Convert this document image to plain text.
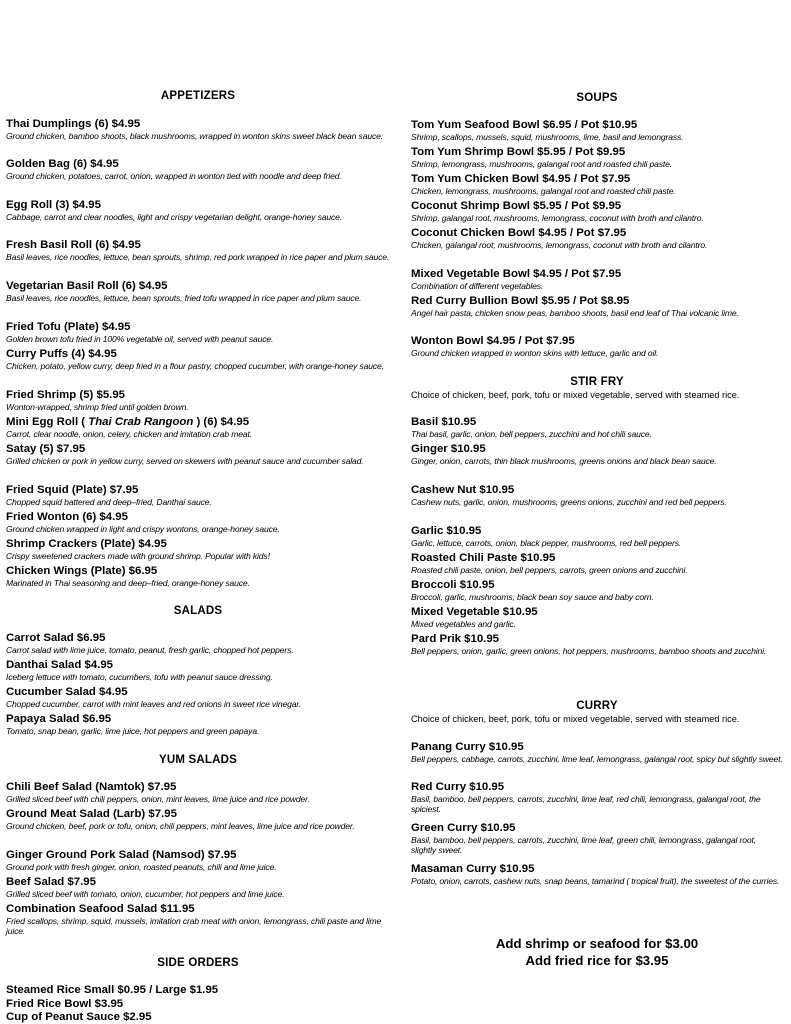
APPETIZERS
Thai Dumplings (6) $4.95
Ground chicken, bamboo shoots, black mushrooms, wrapped in wonton skins sweet black bean sauce.
Golden Bag (6) $4.95
Ground chicken, potatoes, carrot, onion, wrapped in wonton tied with noodle and deep fried.
Egg Roll (3) $4.95
Cabbage, carrot and clear noodles, light and crispy vegetarian delight, orange-honey sauce.
Fresh Basil Roll (6) $4.95
Basil leaves, rice noodles, lettuce, bean sprouts, shrimp, red pork wrapped in rice paper and plum sauce.
Vegetarian Basil Roll (6) $4.95
Basil leaves, rice noodles, lettuce, bean sprouts, fried tofu wrapped in rice paper and plum sauce.
Fried Tofu (Plate) $4.95
Golden brown tofu fried in 100% vegetable oil, served with peanut sauce.
Curry Puffs (4) $4.95
Chicken, potato, yellow curry, deep fried in a flour pastry, chopped cucumber, with orange-honey sauce.
Fried Shrimp (5) $5.95
Wonton-wrapped, shrimp fried until golden brown.
Mini Egg Roll ( Thai Crab Rangoon ) (6) $4.95
Carrot, clear noodle, onion, celery, chicken and imitation crab meat.
Satay (5) $7.95
Grilled chicken or pork in yellow curry, served on skewers with peanut sauce and cucumber salad.
Fried Squid (Plate) $7.95
Chopped squid battered and deep–fried, Danthai sauce.
Fried Wonton (6) $4.95
Ground chicken wrapped in light and crispy wontons, orange-honey sauce.
Shrimp Crackers (Plate) $4.95
Crispy sweetened crackers made with ground shrimp. Popular with kids!
Chicken Wings (Plate) $6.95
Marinated in Thai seasoning and deep–fried, orange-honey sauce.
SALADS
Carrot Salad $6.95
Carrot salad with lime juice, tomato, peanut, fresh garlic, chopped hot peppers.
Danthai Salad $4.95
Iceberg lettuce with tomato, cucumbers, tofu with peanut sauce dressing.
Cucumber Salad $4.95
Chopped cucumber, carrot with mint leaves and red onions in sweet rice vinegar.
Papaya Salad $6.95
Tomato, snap bean, garlic, lime juice, hot peppers and green papaya.
YUM SALADS
Chili Beef Salad (Namtok) $7.95
Grilled sliced beef with chili peppers, onion, mint leaves, lime juice and rice powder.
Ground Meat Salad (Larb) $7.95
Ground chicken, beef, pork or tofu, onion, chili peppers, mint leaves, lime juice and rice powder.
Ginger Ground Pork Salad (Namsod) $7.95
Ground pork with fresh ginger, onion, roasted peanuts, chili and lime juice.
Beef Salad $7.95
Grilled sliced beef with tomato, onion, cucumber, hot peppers and lime juice.
Combination Seafood Salad $11.95
Fried scallops, shrimp, squid, mussels, imitation crab meat with onion, lemongrass, chili paste and lime juice.
SIDE ORDERS
Steamed Rice Small $0.95 / Large $1.95
Fried Rice Bowl $3.95
Cup of Peanut Sauce $2.95
SOUPS
Tom Yum Seafood Bowl $6.95 / Pot $10.95
Shrimp, scallops, mussels, squid, mushrooms, lime, basil and lemongrass.
Tom Yum Shrimp Bowl $5.95 / Pot $9.95
Shrimp, lemongrass, mushrooms, galangal root and roasted chili paste.
Tom Yum Chicken Bowl $4.95 / Pot $7.95
Chicken, lemongrass, mushrooms, galangal root and roasted chili paste.
Coconut Shrimp Bowl $5.95 / Pot $9.95
Shrimp, galangal root, mushrooms, lemongrass, coconut with broth and cilantro.
Coconut Chicken Bowl $4.95 / Pot $7.95
Chicken, galangal root, mushrooms, lemongrass, coconut with broth and cilantro.
Mixed Vegetable Bowl $4.95 / Pot $7.95
Combination of different vegetables.
Red Curry Bullion Bowl $5.95 / Pot $8.95
Angel hair pasta, chicken snow peas, bamboo shoots, basil end leaf of Thai volcanic lime.
Wonton Bowl $4.95 / Pot $7.95
Ground chicken wrapped in wonton skins with lettuce, garlic and oil.
STIR FRY
Choice of chicken, beef, pork, tofu or mixed vegetable, served with steamed rice.
Basil $10.95
Thai basil, garlic, onion, bell peppers, zucchini and hot chili sauce.
Ginger $10.95
Ginger, onion, carrots, thin black mushrooms, greens onions and black bean sauce.
Cashew Nut $10.95
Cashew nuts, garlic, onion, mushrooms, greens onions, zucchini and red bell peppers.
Garlic $10.95
Garlic, lettuce, carrots, onion, black pepper, mushrooms, red bell peppers.
Roasted Chili Paste $10.95
Roasted chili paste, onion, bell peppers, carrots, green onions and zucchini.
Broccoli $10.95
Broccoli, garlic, mushrooms, black bean soy sauce and baby corn.
Mixed Vegetable $10.95
Mixed vegetables and garlic.
Pard Prik $10.95
Bell peppers, onion, garlic, green onions, hot peppers, mushrooms, bamboo shoots and zucchini.
CURRY
Choice of chicken, beef, pork, tofu or mixed vegetable, served with steamed rice.
Panang Curry $10.95
Bell peppers, cabbage, carrots, zucchini, lime leaf, lemongrass, galangal root, spicy but slightly sweet.
Red Curry $10.95
Basil, bamboo, bell peppers, carrots, zucchini, lime leaf, red chili, lemongrass, galangal root, the spiciest.
Green Curry $10.95
Basil, bamboo, bell peppers, carrots, zucchini, lime leaf, green chili, lemongrass, galangal root, slightly sweet.
Masaman Curry $10.95
Potato, onion, carrots, cashew nuts, snap beans, tamarind ( tropical fruit), the sweetest of the curries.
Add shrimp or seafood for $3.00
Add fried rice for $3.95
